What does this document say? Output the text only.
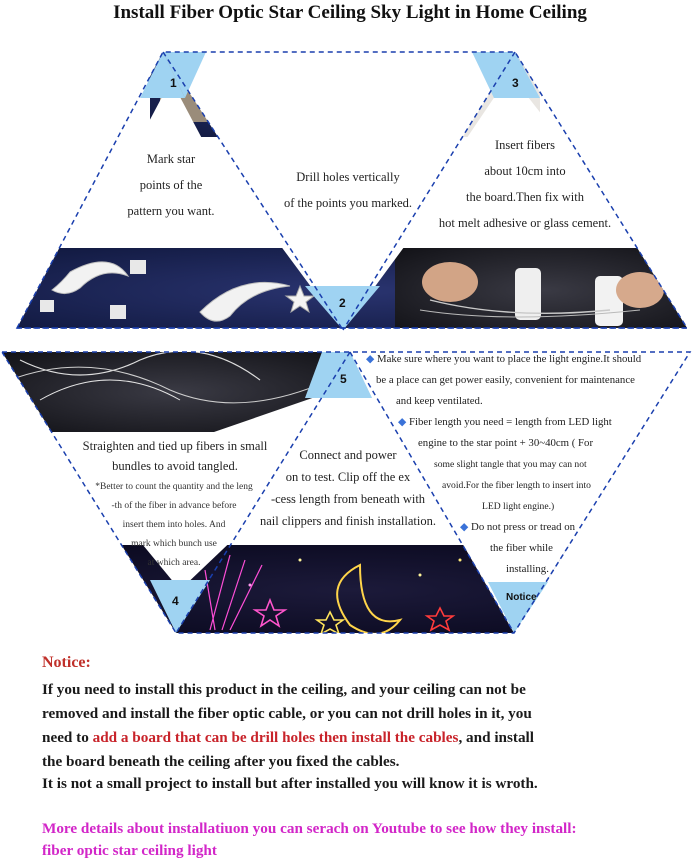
Install Fiber Optic Star Ceiling Sky Light in Home Ceiling
1
2
3
4
5
Notice
Mark star
points of the
pattern you want.
Drill holes vertically
of the points you marked.
Insert fibers
about 10cm into
the board.Then fix with
hot melt adhesive or glass cement.
Straighten and tied up fibers in small
bundles to avoid tangled.
*Better to count the quantity and the leng
-th of the fiber in advance before
insert them into holes. And
mark which bunch use
at which area.
Connect and power
on to test. Clip off the ex
-cess length from beneath with
nail clippers and finish installation.
◆ Make sure where you want to place the light engine.It should
be a place can get power easily, convenient for maintenance
and keep ventilated.
◆ Fiber length you need = length from LED light
engine to the star point + 30~40cm ( For
some slight tangle that you may can not
avoid.For the fiber length to insert into
LED light engine.)
◆ Do not press or tread on
the fiber while
installing.
Notice:
If you need to install this product in the ceiling, and your ceiling can not be
removed and install the fiber optic cable, or you can not drill holes in it, you
need to add a board that can be drill holes then install the cables, and install
the board beneath the ceiling after you fixed the cables.
It is not a small project to install but after installed you will know it is wroth.
More details about installatiuon you can serach on Youtube to see how they install:
fiber optic star ceiling light
